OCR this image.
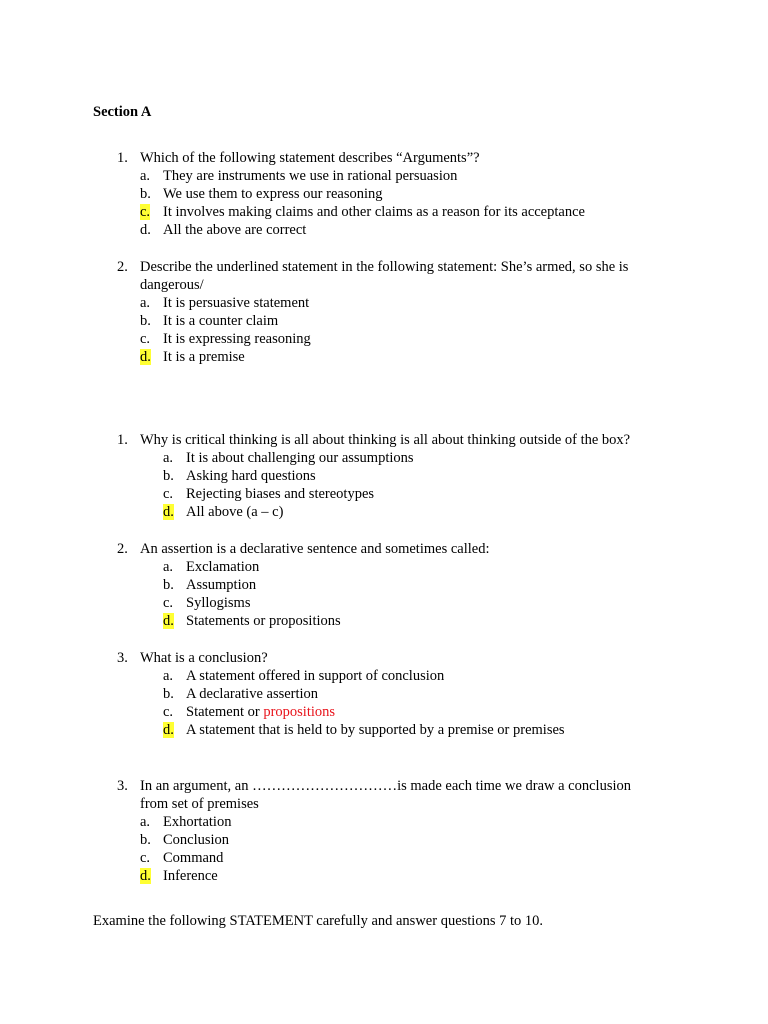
Section A
1. Which of the following statement describes “Arguments”?
a. They are instruments we use in rational persuasion
b. We use them to express our reasoning
c. It involves making claims and other claims as a reason for its acceptance
d. All the above are correct
2. Describe the underlined statement in the following statement: She’s armed, so she is
dangerous/
a. It is persuasive statement
b. It is a counter claim
c. It is expressing reasoning
d. It is a premise
1. Why is critical thinking is all about thinking is all about thinking outside of the box?
a. It is about challenging our assumptions
b. Asking hard questions
c. Rejecting biases and stereotypes
d. All above (a – c)
2. An assertion is a declarative sentence and sometimes called:
a. Exclamation
b. Assumption
c. Syllogisms
d. Statements or propositions
3. What is a conclusion?
a. A statement offered in support of conclusion
b. A declarative assertion
c. Statement or propositions
d. A statement that is held to by supported by a premise or premises
3. In an argument, an …………………………is made each time we draw a conclusion
from set of premises
a. Exhortation
b. Conclusion
c. Command
d. Inference
Examine the following STATEMENT carefully and answer questions 7 to 10.
